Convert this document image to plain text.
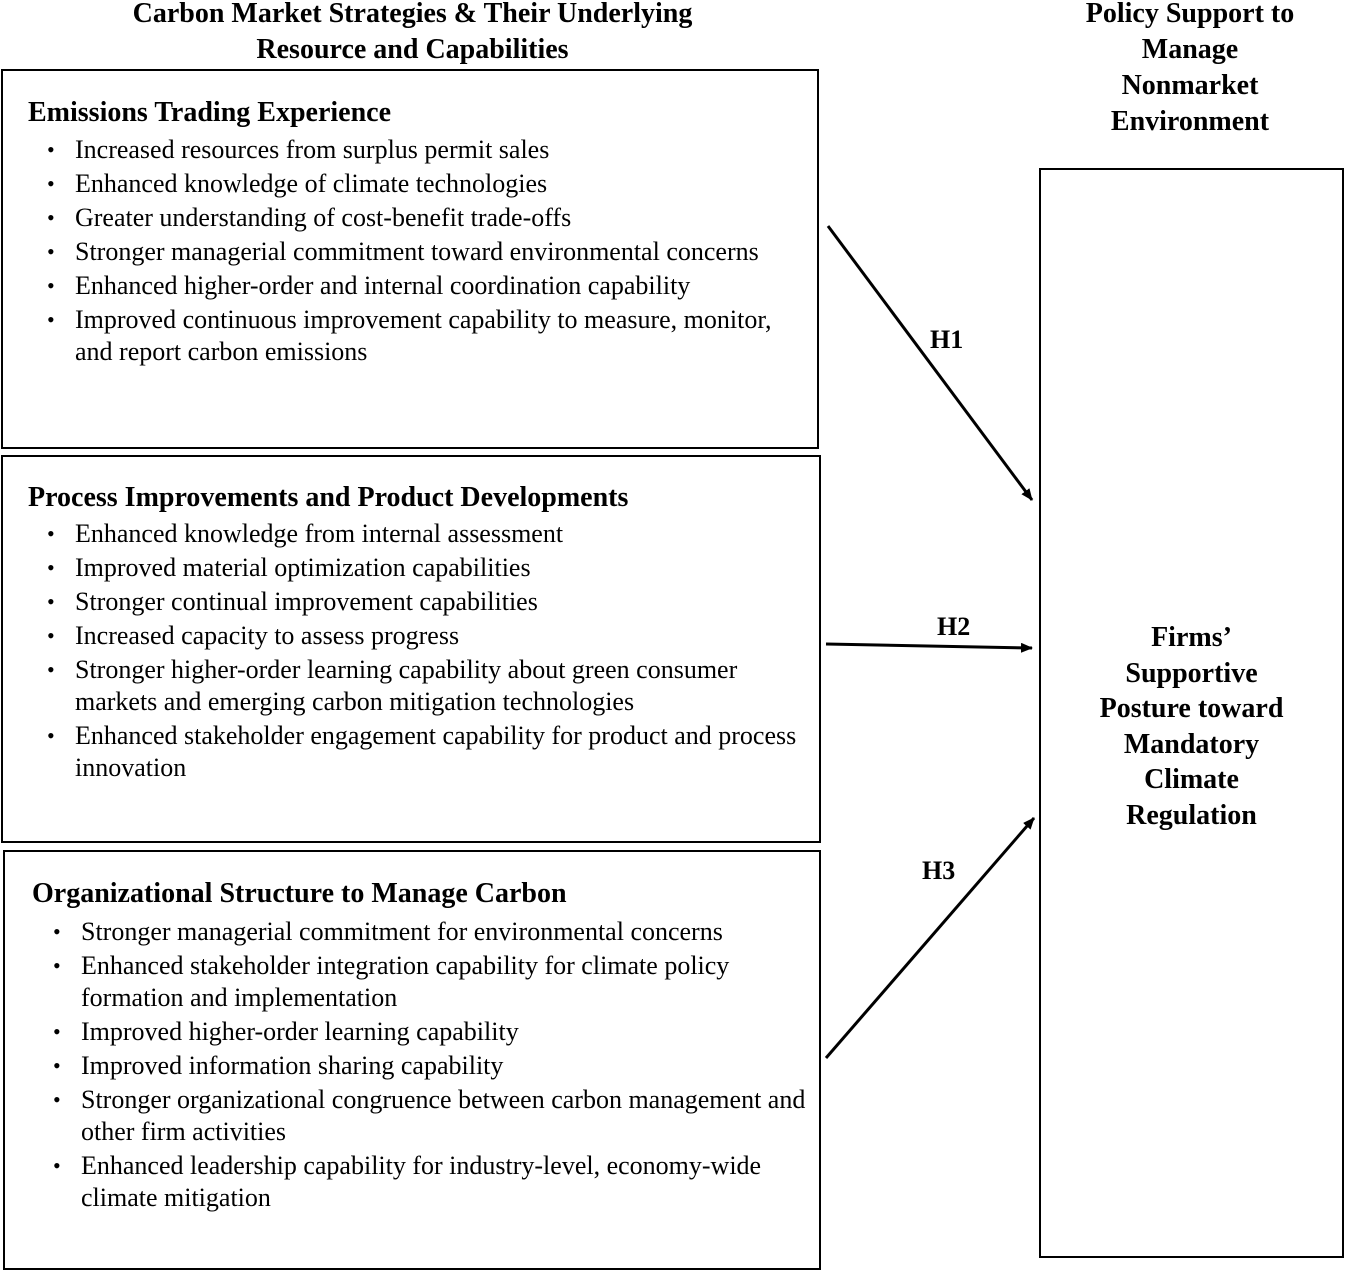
Carbon Market Strategies & Their Underlying
Resource and Capabilities
Policy Support to
Manage
Nonmarket
Environment
Emissions Trading Experience
• Increased resources from surplus permit sales
• Enhanced knowledge of climate technologies
• Greater understanding of cost-benefit trade-offs
• Stronger managerial commitment toward environmental concerns
• Enhanced higher-order and internal coordination capability
• Improved continuous improvement capability to measure, monitor, and report carbon emissions
Process Improvements and Product Developments
• Enhanced knowledge from internal assessment
• Improved material optimization capabilities
• Stronger continual improvement capabilities
• Increased capacity to assess progress
• Stronger higher-order learning capability about green consumer markets and emerging carbon mitigation technologies
• Enhanced stakeholder engagement capability for product and process innovation
Organizational Structure to Manage Carbon
• Stronger managerial commitment for environmental concerns
• Enhanced stakeholder integration capability for climate policy formation and implementation
• Improved higher-order learning capability
• Improved information sharing capability
• Stronger organizational congruence between carbon management and other firm activities
• Enhanced leadership capability for industry-level, economy-wide climate mitigation

Firms’
Supportive
Posture toward
Mandatory
Climate
Regulation

H1
H2
H3
